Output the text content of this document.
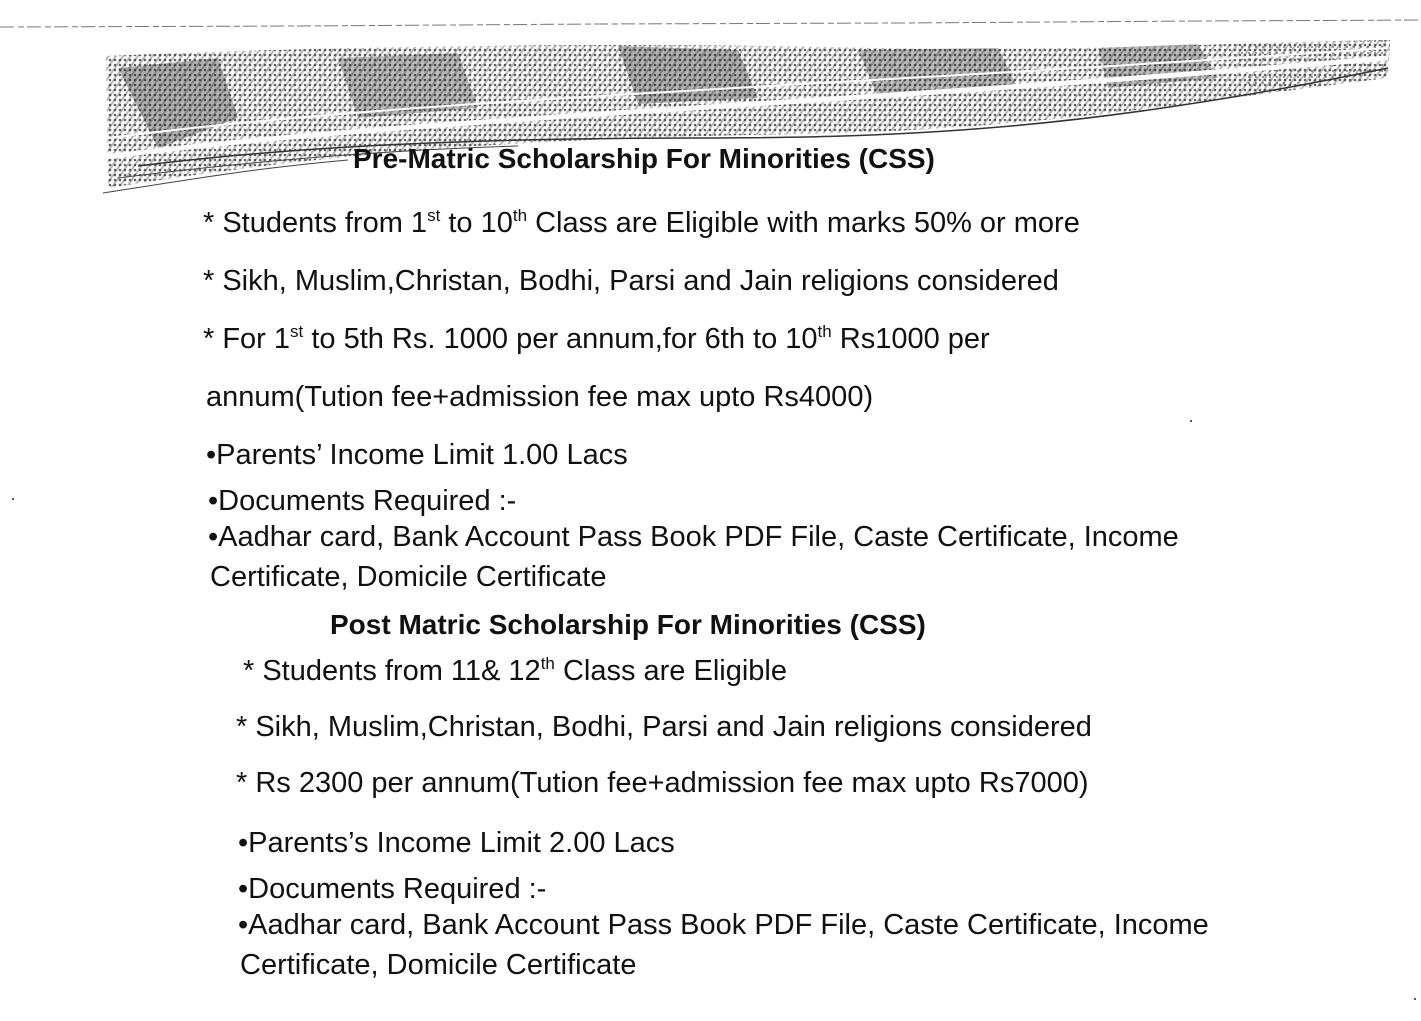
Pre-Matric Scholarship For Minorities (CSS)

* Students from 1st to 10th Class are Eligible with marks 50% or more

* Sikh, Muslim,Christan, Bodhi, Parsi and Jain religions considered

* For 1st to 5th Rs. 1000 per annum,for 6th to 10th Rs1000 per

annum(Tution fee+admission fee max upto Rs4000)

•Parents’ Income Limit 1.00 Lacs

•Documents Required :-

•Aadhar card, Bank Account Pass Book PDF File, Caste Certificate, Income

Certificate, Domicile Certificate

Post Matric Scholarship For Minorities (CSS)

* Students from 11& 12th Class are Eligible

* Sikh, Muslim,Christan, Bodhi, Parsi and Jain religions considered

* Rs 2300 per annum(Tution fee+admission fee max upto Rs7000)

•Parents’s Income Limit 2.00 Lacs

•Documents Required :-

•Aadhar card, Bank Account Pass Book PDF File, Caste Certificate, Income

Certificate, Domicile Certificate
